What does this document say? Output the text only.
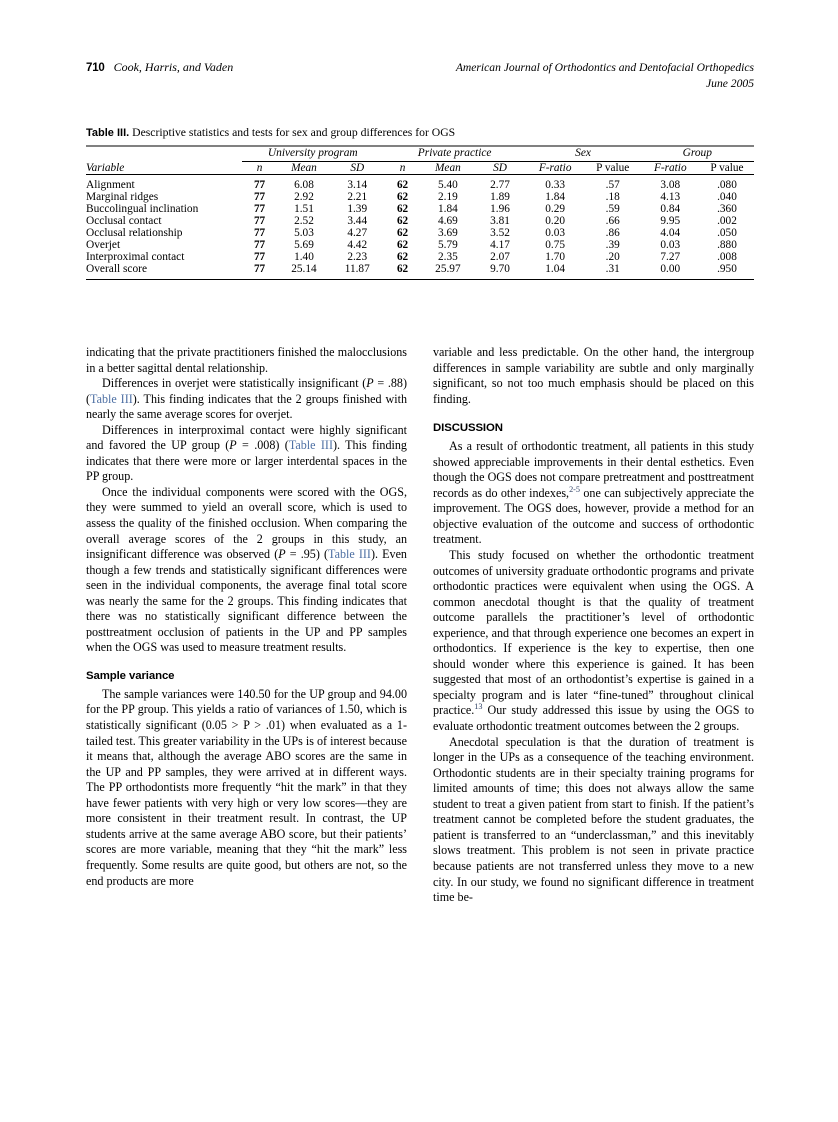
710 Cook, Harris, and Vaden	American Journal of Orthodontics and Dentofacial Orthopedics
June 2005

Table III. Descriptive statistics and tests for sex and group differences for OGS

	University program			Private practice			Sex		Group	
Variable	n	Mean	SD	n	Mean	SD	F-ratio	P value	F-ratio	P value

Alignment	77	6.08	3.14	62	5.40	2.77	0.33	.57	3.08	.080
Marginal ridges	77	2.92	2.21	62	2.19	1.89	1.84	.18	4.13	.040
Buccolingual inclination	77	1.51	1.39	62	1.84	1.96	0.29	.59	0.84	.360
Occlusal contact	77	2.52	3.44	62	4.69	3.81	0.20	.66	9.95	.002
Occlusal relationship	77	5.03	4.27	62	3.69	3.52	0.03	.86	4.04	.050
Overjet	77	5.69	4.42	62	5.79	4.17	0.75	.39	0.03	.880
Interproximal contact	77	1.40	2.23	62	2.35	2.07	1.70	.20	7.27	.008
Overall score	77	25.14	11.87	62	25.97	9.70	1.04	.31	0.00	.950

indicating that the private practitioners finished the malocclusions in a better sagittal dental relationship.

Differences in overjet were statistically insignificant (P = .88) (Table III). This finding indicates that the 2 groups finished with nearly the same average scores for overjet.

Differences in interproximal contact were highly significant and favored the UP group (P = .008) (Table III). This finding indicates that there were more or larger interdental spaces in the PP group.

Once the individual components were scored with the OGS, they were summed to yield an overall score, which is used to assess the quality of the finished occlusion. When comparing the overall average scores of the 2 groups in this study, an insignificant difference was observed (P = .95) (Table III). Even though a few trends and statistically significant differences were seen in the individual components, the average final total score was nearly the same for the 2 groups. This finding indicates that there was no statistically significant difference between the posttreatment occlusion of patients in the UP and PP samples when the OGS was used to measure treatment results.

Sample variance

The sample variances were 140.50 for the UP group and 94.00 for the PP group. This yields a ratio of variances of 1.50, which is statistically significant (0.05 > P > .01) when evaluated as a 1-tailed test. This greater variability in the UPs is of interest because it means that, although the average ABO scores are the same in the UP and PP samples, they were arrived at in different ways. The PP orthodontists more frequently “hit the mark” in that they have fewer patients with very high or very low scores—they are more consistent in their treatment result. In contrast, the UP students arrive at the same average ABO score, but their patients’ scores are more variable, meaning that they “hit the mark” less frequently. Some results are quite good, but others are not, so the end products are more

variable and less predictable. On the other hand, the intergroup differences in sample variability are subtle and only marginally significant, so not too much emphasis should be placed on this finding.

DISCUSSION

As a result of orthodontic treatment, all patients in this study showed appreciable improvements in their dental esthetics. Even though the OGS does not compare pretreatment and posttreatment records as do other indexes,$^{2-5}$ one can subjectively appreciate the improvement. The OGS does, however, provide a method for an objective evaluation of the outcome and success of orthodontic treatment.

This study focused on whether the orthodontic treatment outcomes of university graduate orthodontic programs and private orthodontic practices were equivalent when using the OGS. A common anecdotal thought is that the quality of treatment outcome parallels the practitioner’s level of orthodontic experience, and that through experience one becomes an expert in orthodontics. If experience is the key to expertise, then one should wonder where this experience is gained. It has been suggested that most of an orthodontist’s expertise is gained in a specialty program and is later “fine-tuned” throughout clinical practice.$^{13}$ Our study addressed this issue by using the OGS to evaluate orthodontic treatment outcomes between the 2 groups.

Anecdotal speculation is that the duration of treatment is longer in the UPs as a consequence of the teaching environment. Orthodontic students are in their specialty training programs for limited amounts of time; this does not always allow the same student to treat a given patient from start to finish. If the patient’s treatment cannot be completed before the student graduates, the patient is transferred to an “underclassman,” and this inevitably slows treatment. This problem is not seen in private practice because patients are not transferred unless they move to a new city. In our study, we found no significant difference in treatment time be-
